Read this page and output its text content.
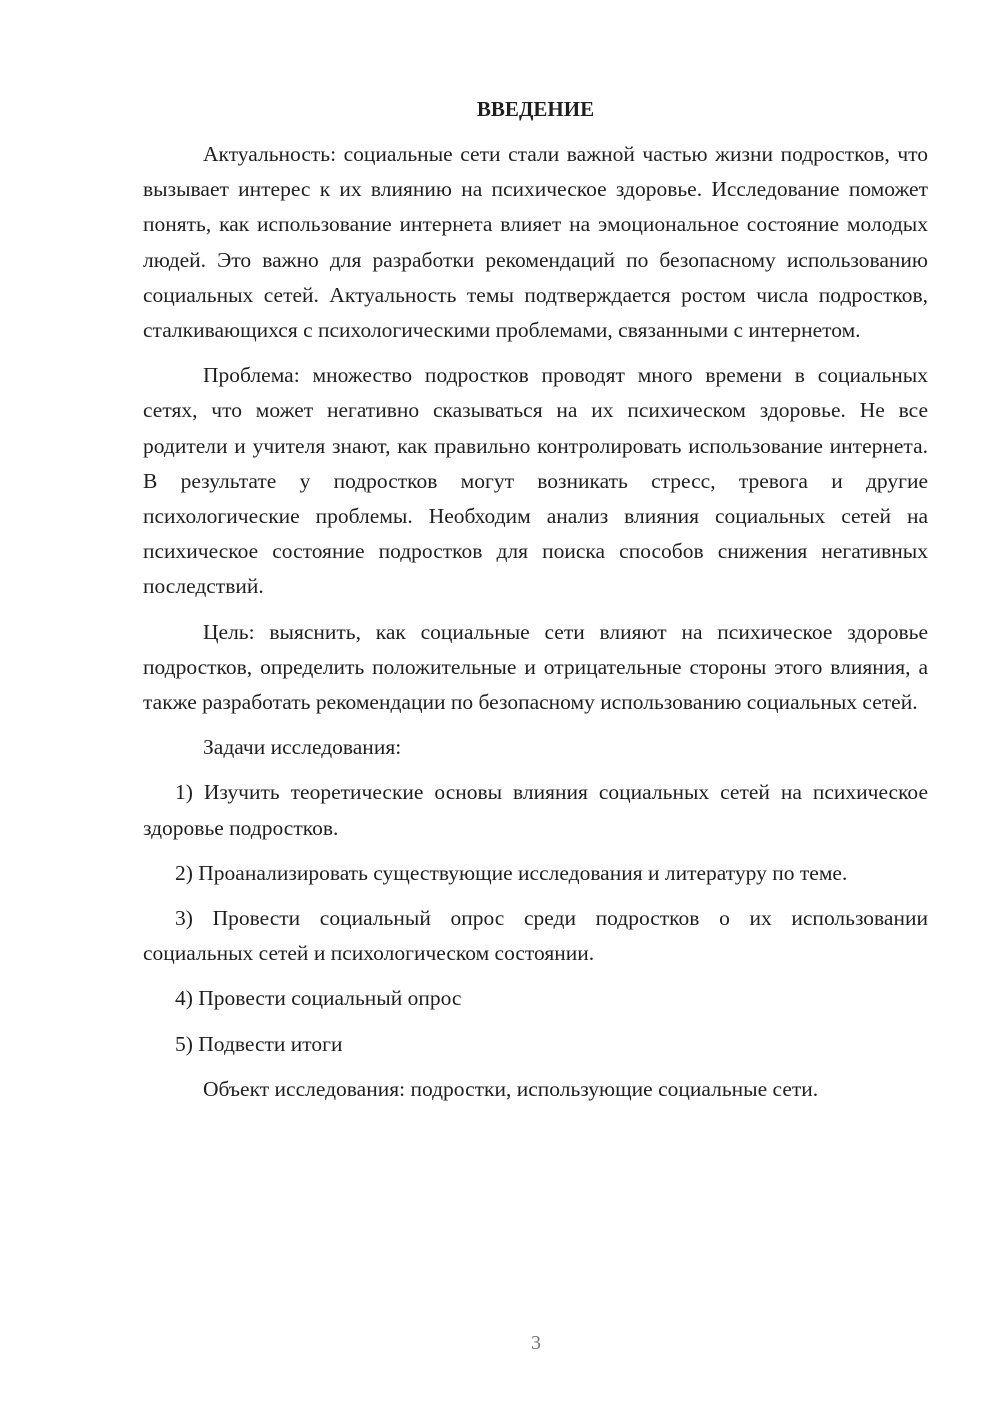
ВВЕДЕНИЕ

Актуальность: социальные сети стали важной частью жизни подростков, что вызывает интерес к их влиянию на психическое здоровье. Исследование поможет понять, как использование интернета влияет на эмоциональное состояние молодых людей. Это важно для разработки рекомендаций по безопасному использованию социальных сетей. Актуальность темы подтверждается ростом числа подростков, сталкивающихся с психологическими проблемами, связанными с интернетом.

Проблема: множество подростков проводят много времени в социальных сетях, что может негативно сказываться на их психическом здоровье. Не все родители и учителя знают, как правильно контролировать использование интернета. В результате у подростков могут возникать стресс, тревога и другие психологические проблемы. Необходим анализ влияния социальных сетей на психическое состояние подростков для поиска способов снижения негативных последствий.

Цель: выяснить, как социальные сети влияют на психическое здоровье подростков, определить положительные и отрицательные стороны этого влияния, а также разработать рекомендации по безопасному использованию социальных сетей.

Задачи исследования:

1) Изучить теоретические основы влияния социальных сетей на психическое здоровье подростков.

2) Проанализировать существующие исследования и литературу по теме.

3) Провести социальный опрос среди подростков о их использовании социальных сетей и психологическом состоянии.

4) Провести социальный опрос

5) Подвести итоги

Объект исследования: подростки, использующие социальные сети.

3
